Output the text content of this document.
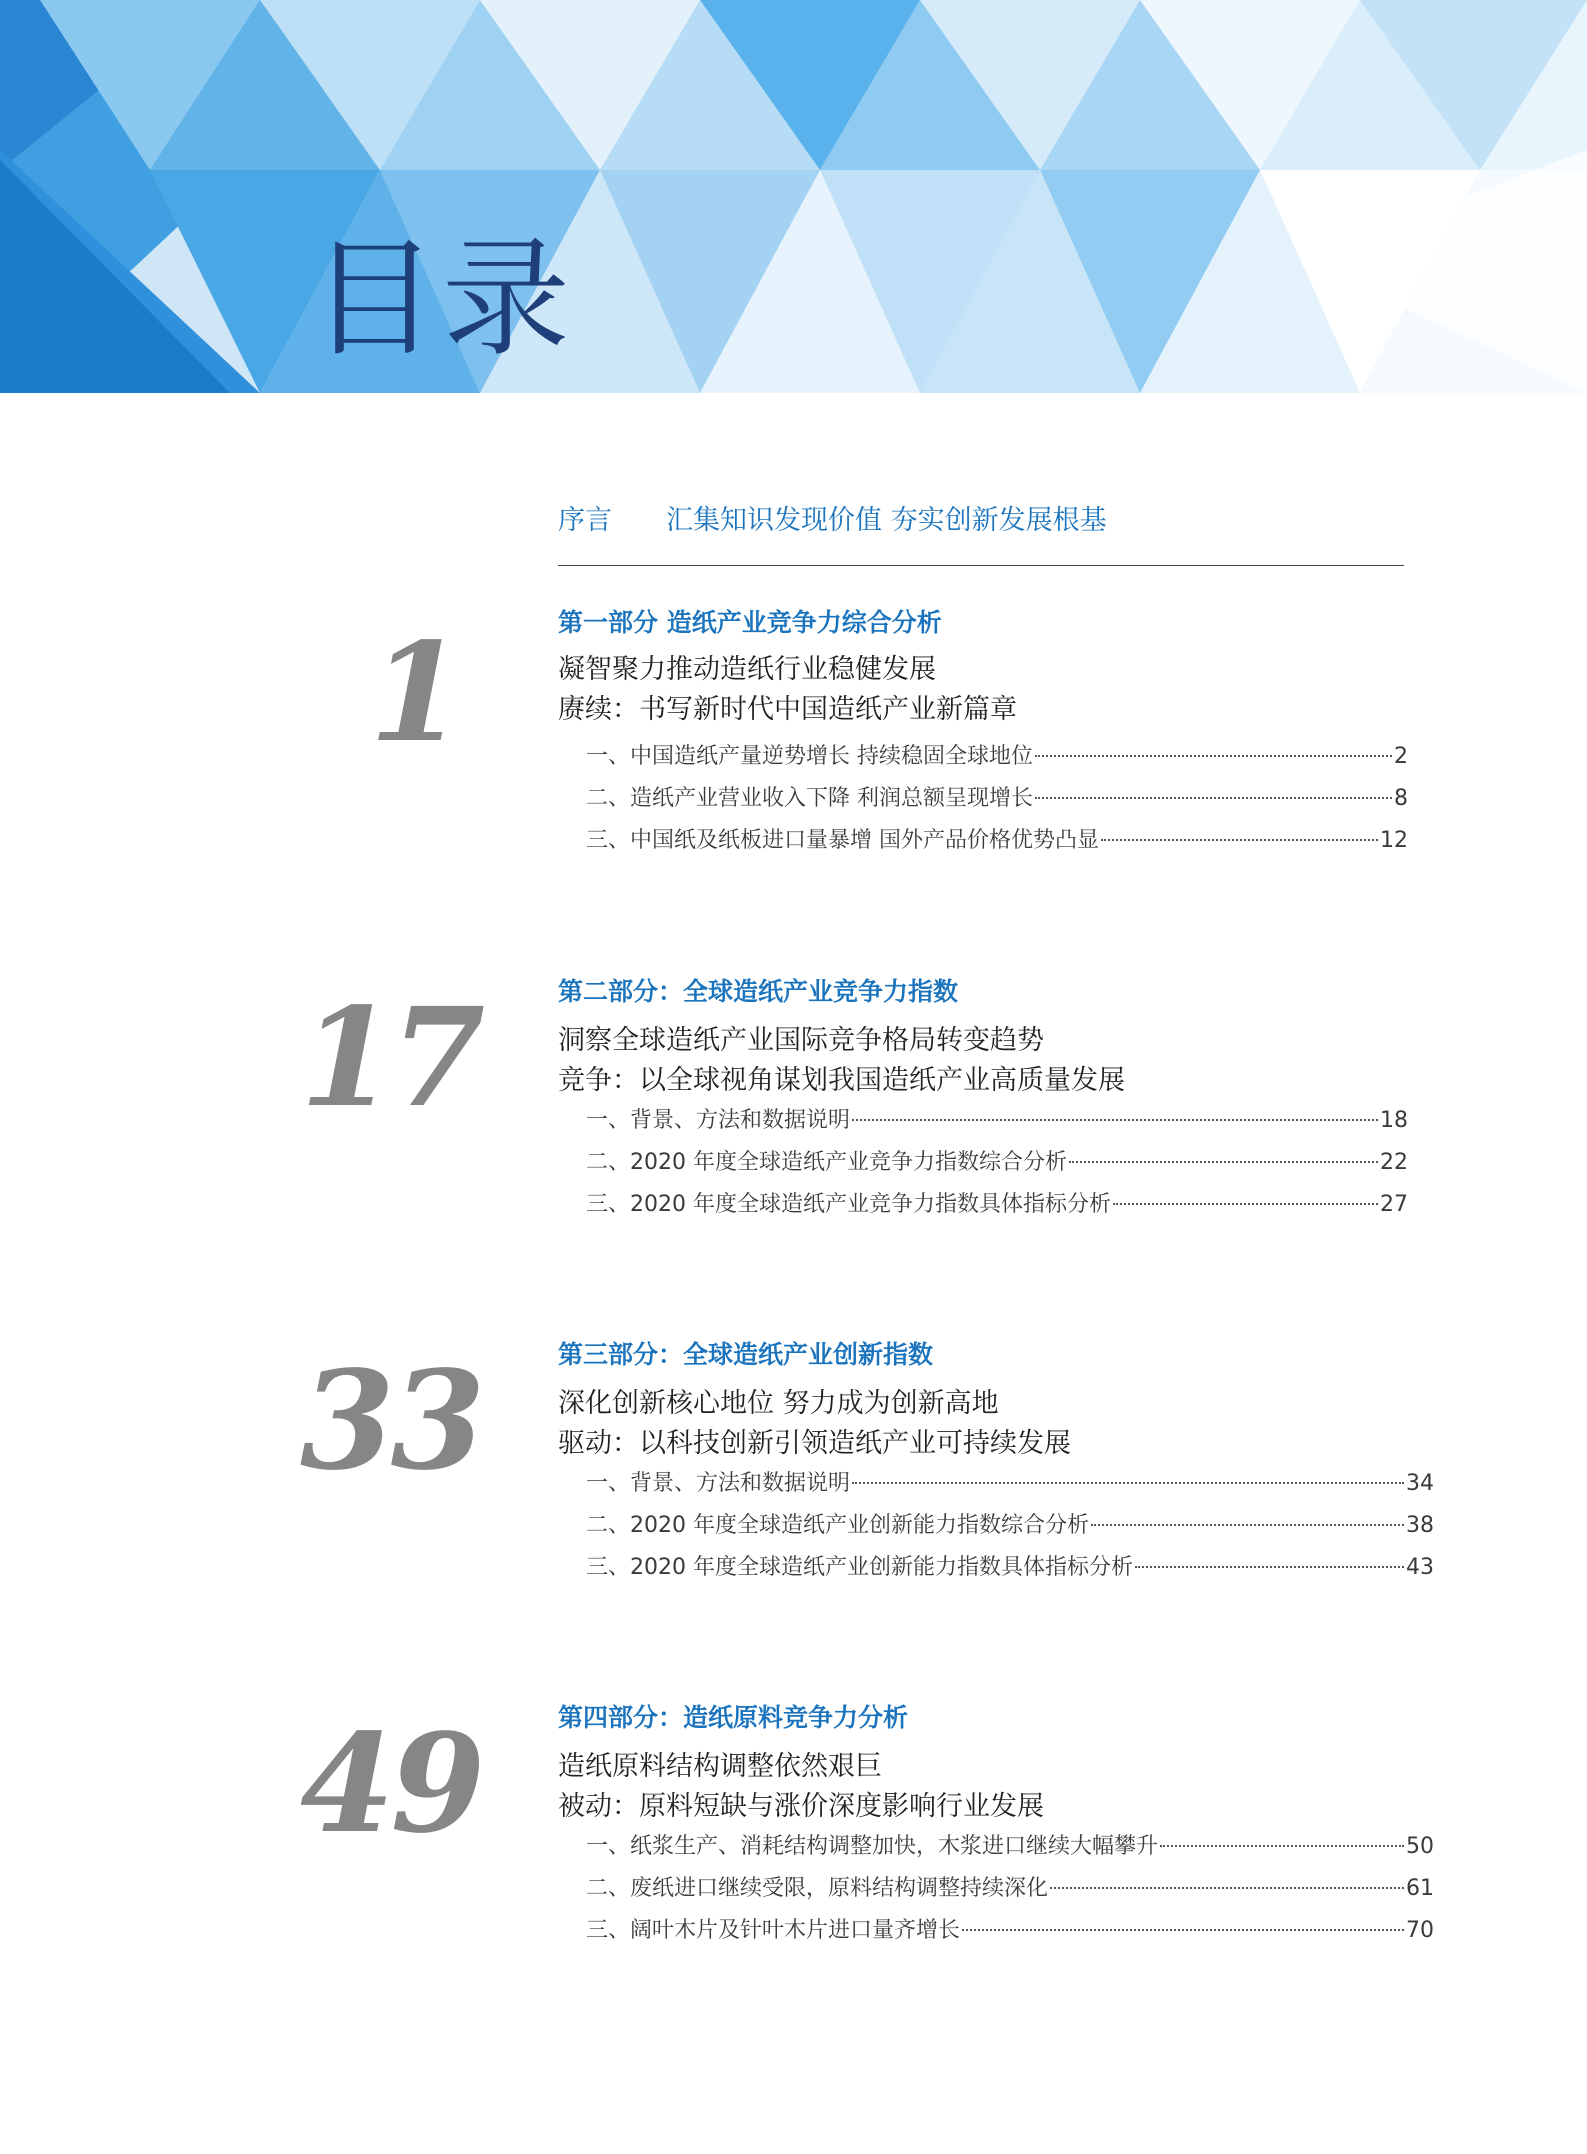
目录
序言 汇集知识发现价值 夯实创新发展根基
1	第一部分 造纸产业竞争力综合分析
凝智聚力推动造纸行业稳健发展
赓续：书写新时代中国造纸产业新篇章
一、中国造纸产量逆势增长 持续稳固全球地位	2
二、造纸产业营业收入下降 利润总额呈现增长	8
三、中国纸及纸板进口量暴增 国外产品价格优势凸显	12
17	第二部分：全球造纸产业竞争力指数
洞察全球造纸产业国际竞争格局转变趋势
竞争：以全球视角谋划我国造纸产业高质量发展
一、背景、方法和数据说明	18
二、2020 年度全球造纸产业竞争力指数综合分析	22
三、2020 年度全球造纸产业竞争力指数具体指标分析	27
33	第三部分：全球造纸产业创新指数
深化创新核心地位 努力成为创新高地
驱动：以科技创新引领造纸产业可持续发展
一、背景、方法和数据说明	34
二、2020 年度全球造纸产业创新能力指数综合分析	38
三、2020 年度全球造纸产业创新能力指数具体指标分析	43
49	第四部分：造纸原料竞争力分析
造纸原料结构调整依然艰巨
被动：原料短缺与涨价深度影响行业发展
一、纸浆生产、消耗结构调整加快，木浆进口继续大幅攀升	50
二、废纸进口继续受限，原料结构调整持续深化	61
三、阔叶木片及针叶木片进口量齐增长	70
